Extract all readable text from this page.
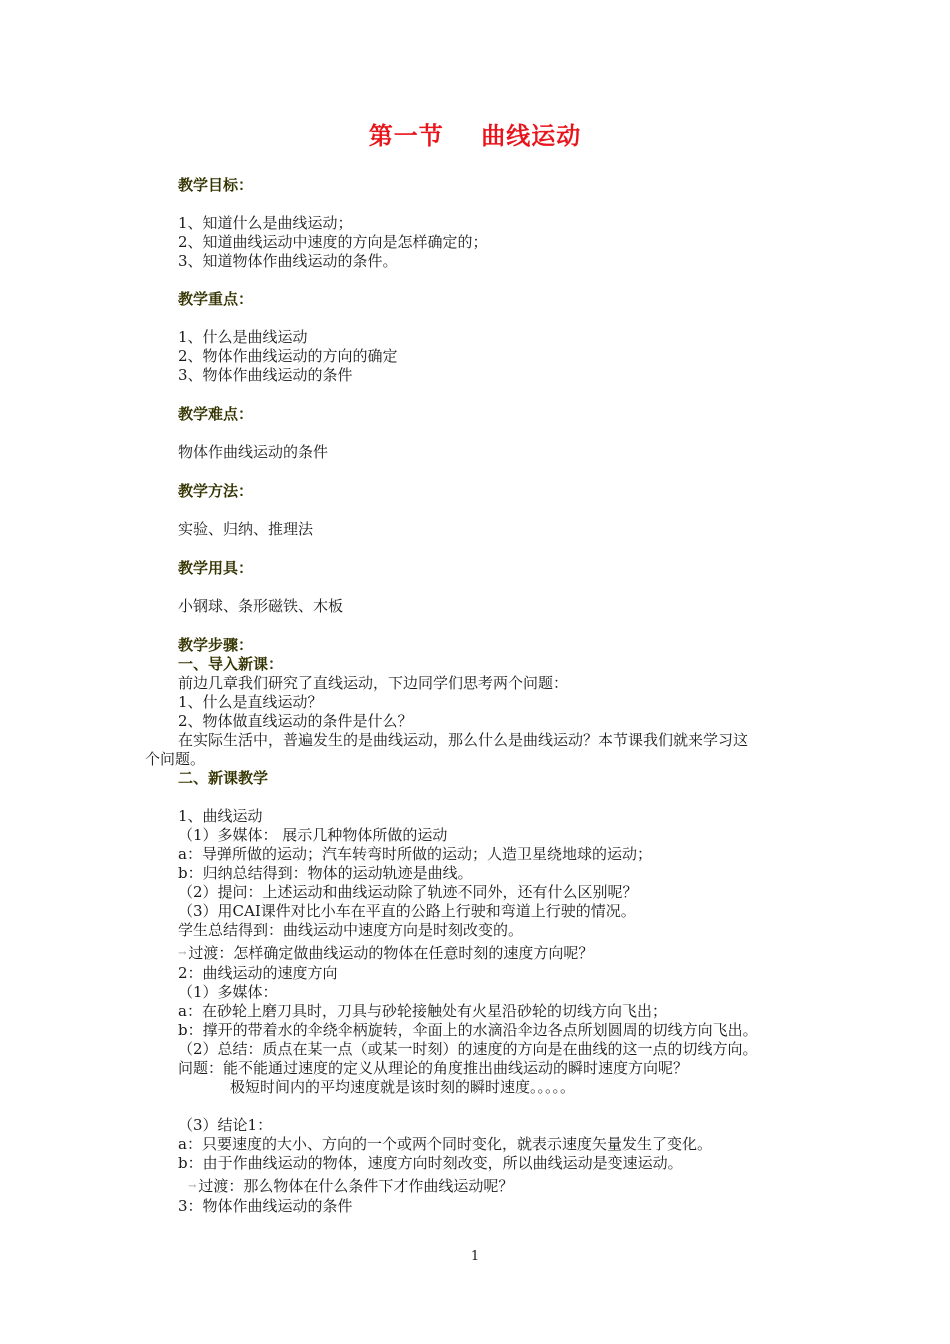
第一节    曲线运动
教学目标：
1、知道什么是曲线运动；
2、知道曲线运动中速度的方向是怎样确定的；
3、知道物体作曲线运动的条件。
教学重点：
1、什么是曲线运动
2、物体作曲线运动的方向的确定
3、物体作曲线运动的条件
教学难点：
物体作曲线运动的条件
教学方法：
实验、归纳、推理法
教学用具：
小钢球、条形磁铁、木板
教学步骤：
一、导入新课：
前边几章我们研究了直线运动，下边同学们思考两个问题：
1、什么是直线运动？
2、物体做直线运动的条件是什么？
在实际生活中，普遍发生的是曲线运动，那么什么是曲线运动？本节课我们就来学习这
个问题。
二、新课教学
1、曲线运动
（1）多媒体： 展示几种物体所做的运动
a：导弹所做的运动；汽车转弯时所做的运动；人造卫星绕地球的运动；
b：归纳总结得到：物体的运动轨迹是曲线。
（2）提问：上述运动和曲线运动除了轨迹不同外，还有什么区别呢？
（3）用CAI课件对比小车在平直的公路上行驶和弯道上行驶的情况。
学生总结得到：曲线运动中速度方向是时刻改变的。
→ 过渡：怎样确定做曲线运动的物体在任意时刻的速度方向呢？
2：曲线运动的速度方向
（1）多媒体：
a：在砂轮上磨刀具时，刀具与砂轮接触处有火星沿砂轮的切线方向飞出；
b：撑开的带着水的伞绕伞柄旋转，伞面上的水滴沿伞边各点所划圆周的切线方向飞出。
（2）总结：质点在某一点（或某一时刻）的速度的方向是在曲线的这一点的切线方向。
问题：能不能通过速度的定义从理论的角度推出曲线运动的瞬时速度方向呢？
极短时间内的平均速度就是该时刻的瞬时速度。。。。。
（3）结论1：
a：只要速度的大小、方向的一个或两个同时变化，就表示速度矢量发生了变化。
b：由于作曲线运动的物体，速度方向时刻改变，所以曲线运动是变速运动。
→ 过渡：那么物体在什么条件下才作曲线运动呢？
3：物体作曲线运动的条件
1
